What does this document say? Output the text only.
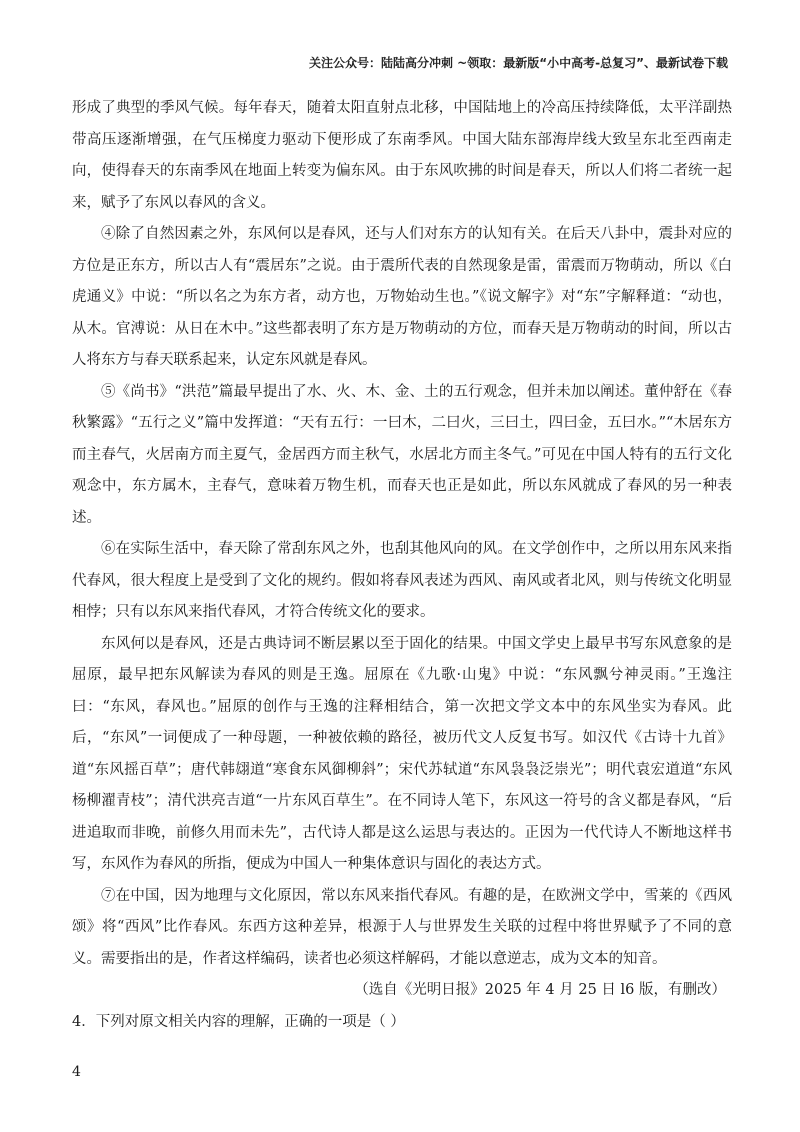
关注公众号：陆陆高分冲刺 ~领取：最新版“小中高考-总复习”、最新试卷下载

形成了典型的季风气候。每年春天，随着太阳直射点北移，中国陆地上的冷高压持续降低，太平洋副热带高压逐渐增强，在气压梯度力驱动下便形成了东南季风。中国大陆东部海岸线大致呈东北至西南走向，使得春天的东南季风在地面上转变为偏东风。由于东风吹拂的时间是春天，所以人们将二者统一起来，赋予了东风以春风的含义。

④除了自然因素之外，东风何以是春风，还与人们对东方的认知有关。在后天八卦中，震卦对应的方位是正东方，所以古人有“震居东”之说。由于震所代表的自然现象是雷，雷震而万物萌动，所以《白虎通义》中说：“所以名之为东方者，动方也，万物始动生也。”《说文解字》对“东”字解释道：“动也，从木。官溥说：从日在木中。”这些都表明了东方是万物萌动的方位，而春天是万物萌动的时间，所以古人将东方与春天联系起来，认定东风就是春风。

⑤《尚书》“洪范”篇最早提出了水、火、木、金、土的五行观念，但并未加以阐述。董仲舒在《春秋繁露》“五行之义”篇中发挥道：“天有五行：一曰木，二曰火，三曰土，四曰金，五曰水。”“木居东方而主春气，火居南方而主夏气，金居西方而主秋气，水居北方而主冬气。”可见在中国人特有的五行文化观念中，东方属木，主春气，意味着万物生机，而春天也正是如此，所以东风就成了春风的另一种表述。

⑥在实际生活中，春天除了常刮东风之外，也刮其他风向的风。在文学创作中，之所以用东风来指代春风，很大程度上是受到了文化的规约。假如将春风表述为西风、南风或者北风，则与传统文化明显相悖；只有以东风来指代春风，才符合传统文化的要求。

东风何以是春风，还是古典诗词不断层累以至于固化的结果。中国文学史上最早书写东风意象的是屈原，最早把东风解读为春风的则是王逸。屈原在《九歌·山鬼》中说：“东风飘兮神灵雨。”王逸注曰：“东风，春风也。”屈原的创作与王逸的注释相结合，第一次把文学文本中的东风坐实为春风。此后，“东风”一词便成了一种母题，一种被依赖的路径，被历代文人反复书写。如汉代《古诗十九首》道“东风摇百草”；唐代韩翃道“寒食东风御柳斜”；宋代苏轼道“东风袅袅泛崇光”；明代袁宏道道“东风杨柳濯青枝”；清代洪亮吉道“一片东风百草生”。在不同诗人笔下，东风这一符号的含义都是春风，“后进追取而非晚，前修久用而未先”，古代诗人都是这么运思与表达的。正因为一代代诗人不断地这样书写，东风作为春风的所指，便成为中国人一种集体意识与固化的表达方式。

⑦在中国，因为地理与文化原因，常以东风来指代春风。有趣的是，在欧洲文学中，雪莱的《西风颂》将“西风”比作春风。东西方这种差异，根源于人与世界发生关联的过程中将世界赋予了不同的意义。需要指出的是，作者这样编码，读者也必须这样解码，才能以意逆志，成为文本的知音。

（选自《光明日报》2025 年 4 月 25 日 l6 版，有删改）

4．下列对原文相关内容的理解，正确的一项是（ ）

4
